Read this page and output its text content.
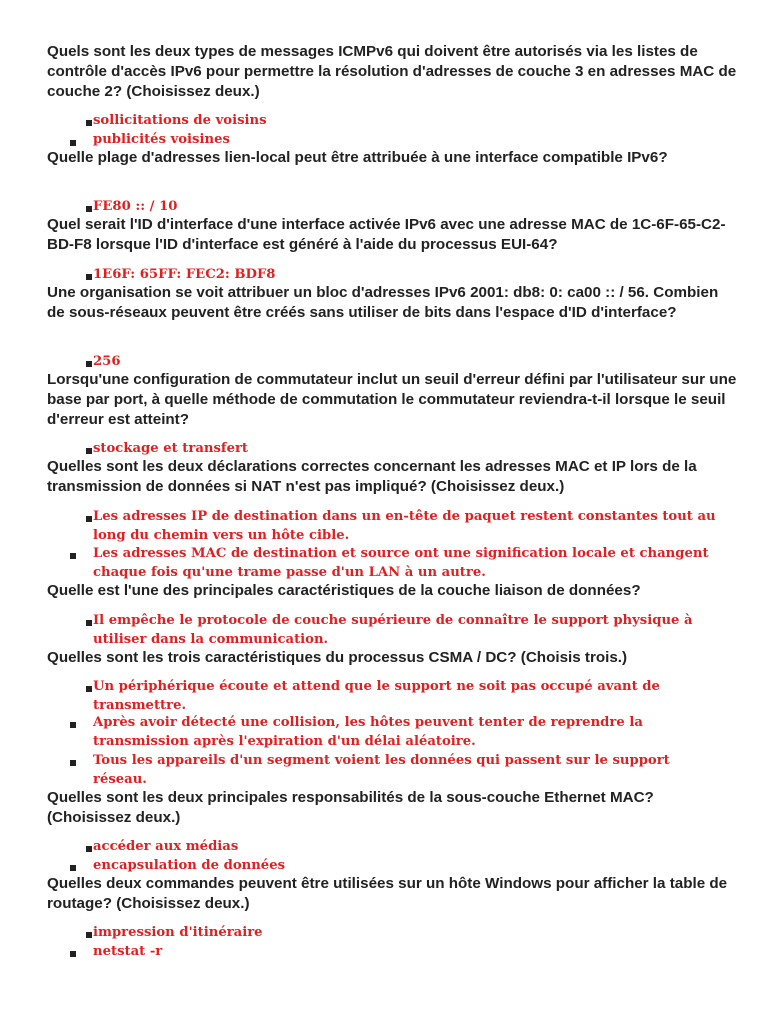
Quels sont les deux types de messages ICMPv6 qui doivent être autorisés via les listes de contrôle d'accès IPv6 pour permettre la résolution d'adresses de couche 3 en adresses MAC de couche 2? (Choisissez deux.)

sollicitations de voisins

publicités voisines

Quelle plage d'adresses lien-local peut être attribuée à une interface compatible IPv6?

FE80 :: / 10

Quel serait l'ID d'interface d'une interface activée IPv6 avec une adresse MAC de 1C-6F-65-C2-BD-F8 lorsque l'ID d'interface est généré à l'aide du processus EUI-64?

1E6F: 65FF: FEC2: BDF8

Une organisation se voit attribuer un bloc d'adresses IPv6 2001: db8: 0: ca00 :: / 56. Combien de sous-réseaux peuvent être créés sans utiliser de bits dans l'espace d'ID d'interface?

256

Lorsqu'une configuration de commutateur inclut un seuil d'erreur défini par l'utilisateur sur une base par port, à quelle méthode de commutation le commutateur reviendra-t-il lorsque le seuil d'erreur est atteint?

stockage et transfert

Quelles sont les deux déclarations correctes concernant les adresses MAC et IP lors de la transmission de données si NAT n'est pas impliqué? (Choisissez deux.)

Les adresses IP de destination dans un en-tête de paquet restent constantes tout au long du chemin vers un hôte cible.

Les adresses MAC de destination et source ont une signification locale et changent chaque fois qu'une trame passe d'un LAN à un autre.

Quelle est l'une des principales caractéristiques de la couche liaison de données?

Il empêche le protocole de couche supérieure de connaître le support physique à utiliser dans la communication.

Quelles sont les trois caractéristiques du processus CSMA / DC? (Choisis trois.)

Un périphérique écoute et attend que le support ne soit pas occupé avant de transmettre.

Après avoir détecté une collision, les hôtes peuvent tenter de reprendre la transmission après l'expiration d'un délai aléatoire.

Tous les appareils d'un segment voient les données qui passent sur le support réseau.

Quelles sont les deux principales responsabilités de la sous-couche Ethernet MAC? (Choisissez deux.)

accéder aux médias

encapsulation de données

Quelles deux commandes peuvent être utilisées sur un hôte Windows pour afficher la table de routage? (Choisissez deux.)

impression d'itinéraire

netstat -r
